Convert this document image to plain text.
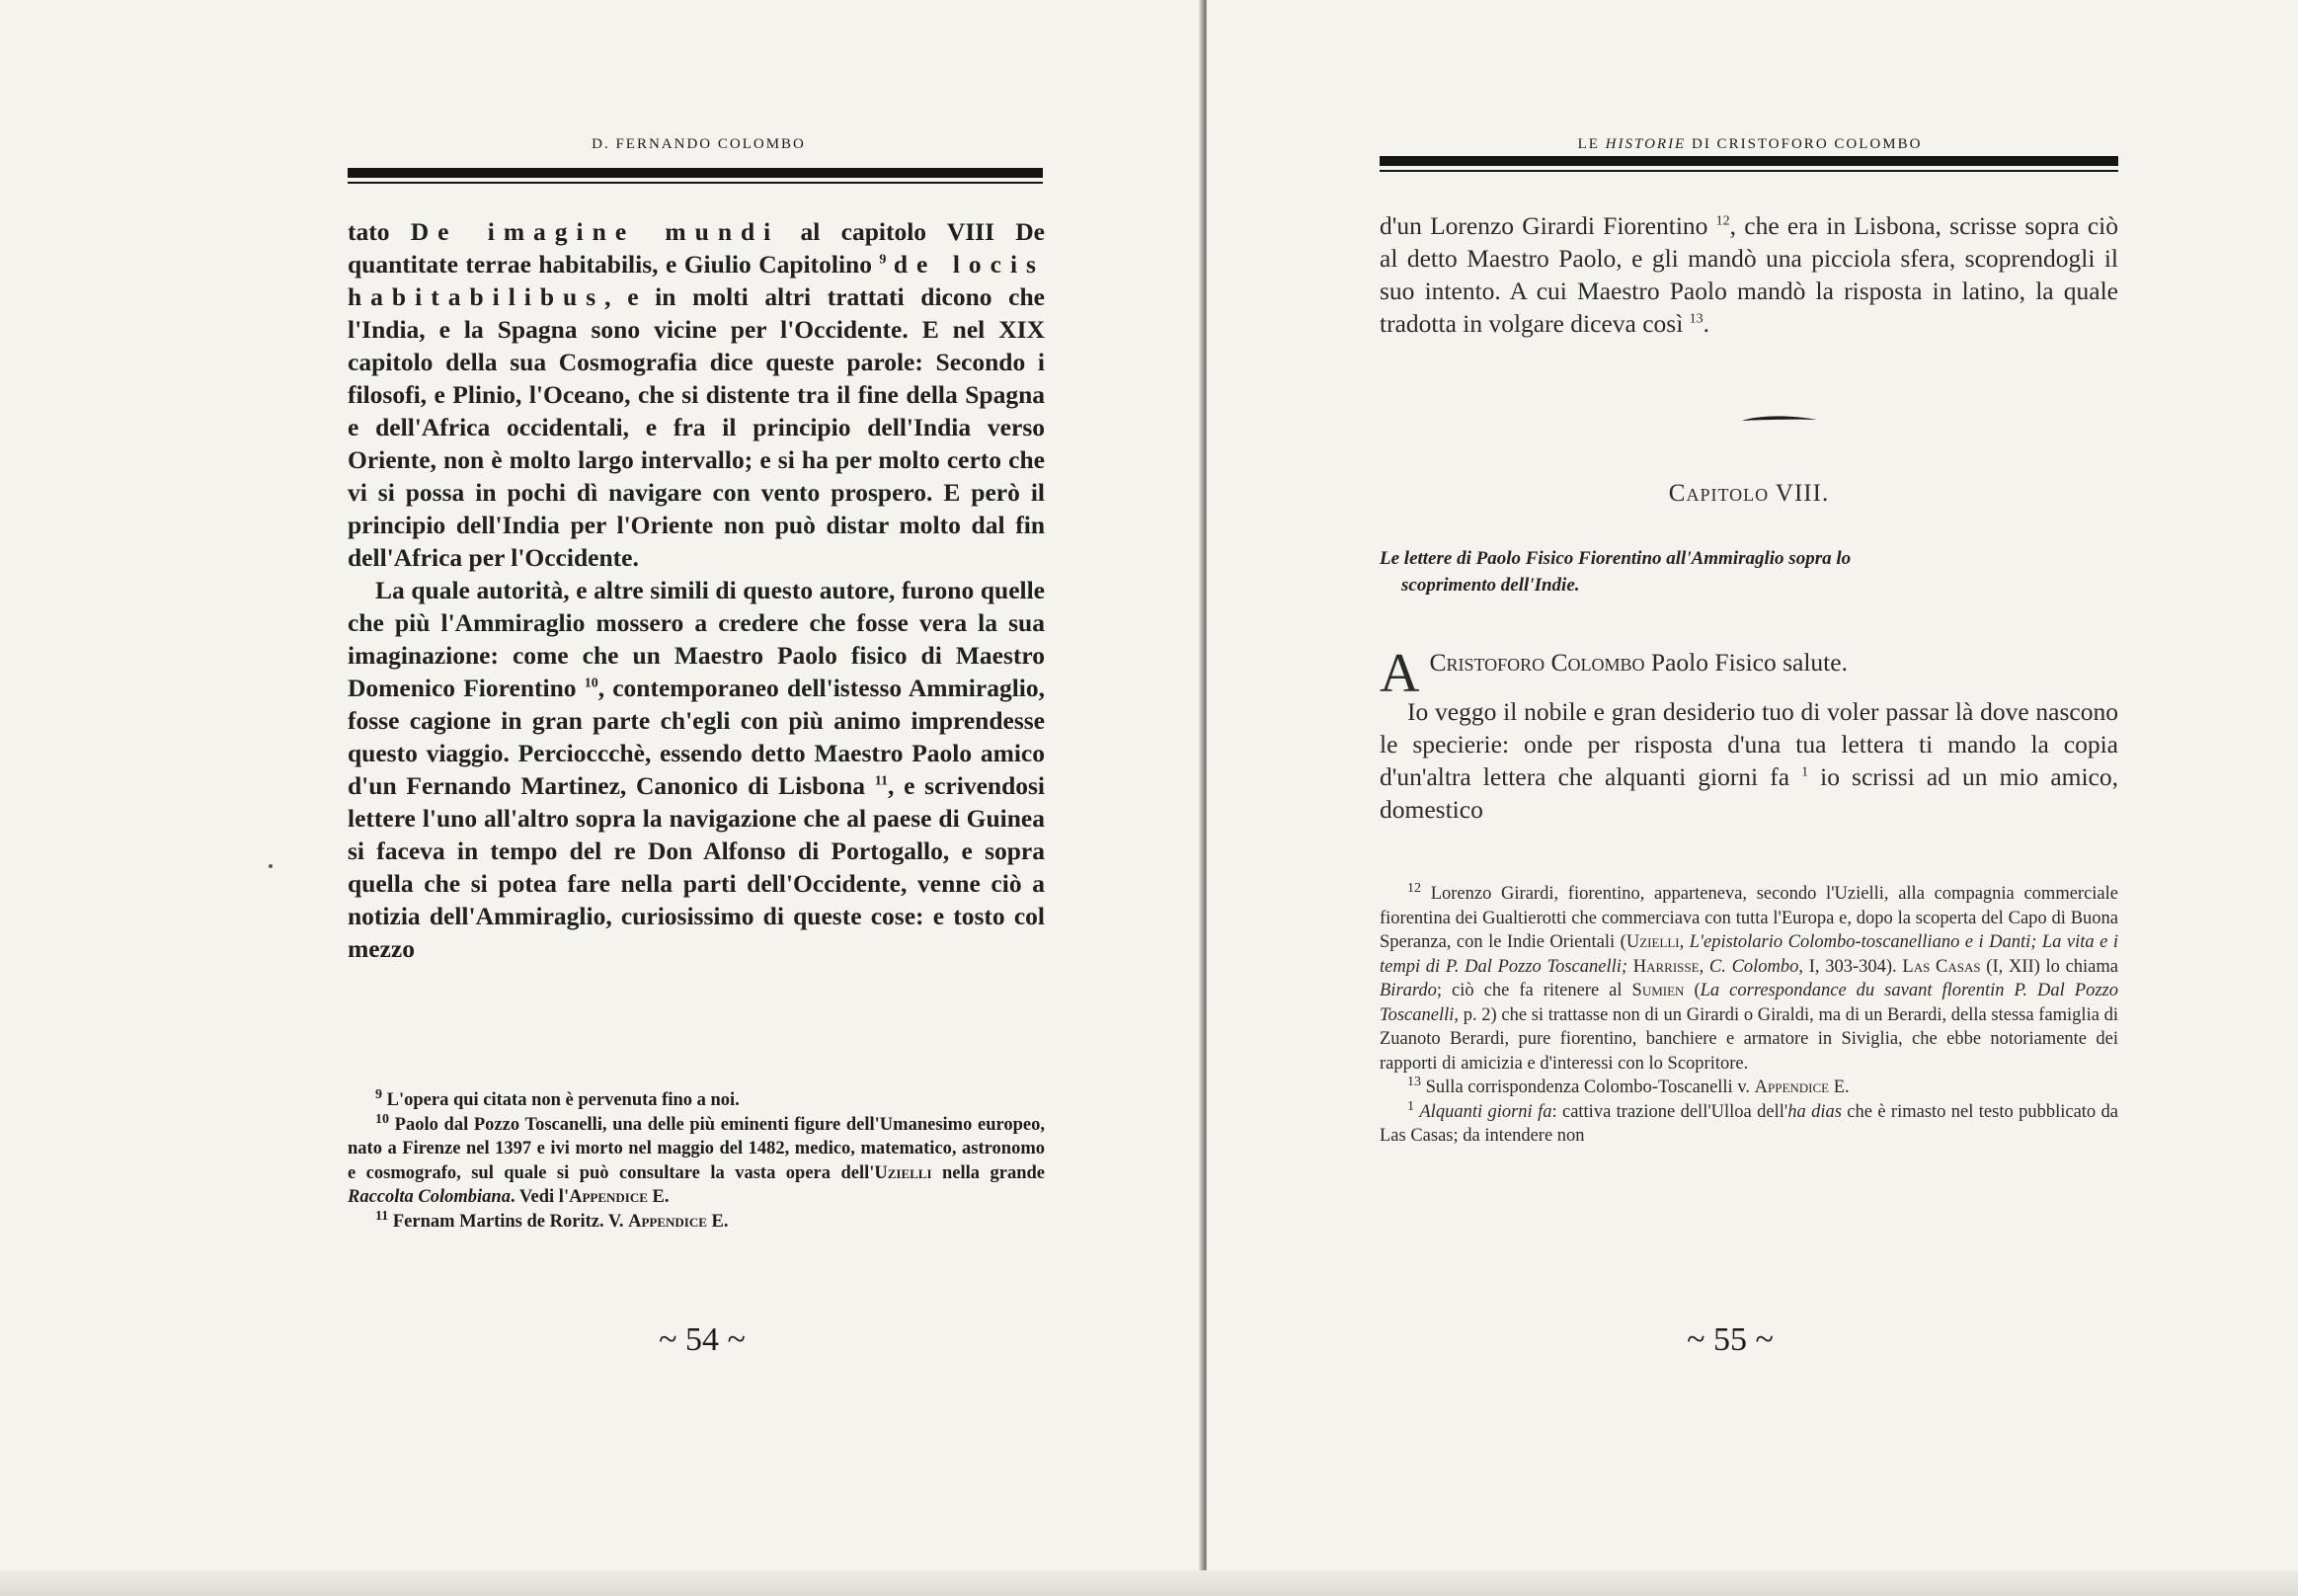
D. FERNANDO COLOMBO

tato De imagine mundi al capitolo VIII De quantitate terrae habitabilis, e Giulio Capitolino $^9$ de locis habitabilibus, e in molti altri trattati dicono che l'India, e la Spagna sono vicine per l'Occidente. E nel XIX capitolo della sua Cosmografia dice queste parole: Secondo i filosofi, e Plinio, l'Oceano, che si distente tra il fine della Spagna e dell'Africa occidentali, e fra il principio dell'India verso Oriente, non è molto largo intervallo; e si ha per molto certo che vi si possa in pochi dì navigare con vento prospero. E però il principio dell'India per l'Oriente non può distar molto dal fin dell'Africa per l'Occidente.

La quale autorità, e altre simili di questo autore, furono quelle che più l'Ammiraglio mossero a credere che fosse vera la sua imaginazione: come che un Maestro Paolo fisico di Maestro Domenico Fiorentino $^{10}$, contemporaneo dell'istesso Ammiraglio, fosse cagione in gran parte ch'egli con più animo imprendesse questo viaggio. Percioccchè, essendo detto Maestro Paolo amico d'un Fernando Martinez, Canonico di Lisbona $^{11}$, e scrivendosi lettere l'uno all'altro sopra la navigazione che al paese di Guinea si faceva in tempo del re Don Alfonso di Portogallo, e sopra quella che si potea fare nella parti dell'Occidente, venne ciò a notizia dell'Ammiraglio, curiosissimo di queste cose: e tosto col mezzo

$^9$ L'opera qui citata non è pervenuta fino a noi.

$^{10}$ Paolo dal Pozzo Toscanelli, una delle più eminenti figure dell'Umanesimo europeo, nato a Firenze nel 1397 e ivi morto nel maggio del 1482, medico, matematico, astronomo e cosmografo, sul quale si può consultare la vasta opera dell'Uzielli nella grande Raccolta Colombiana. Vedi l'Appendice E.

$^{11}$ Fernam Martins de Roritz. V. Appendice E.

~ 54 ~
LE HISTORIE DI CRISTOFORO COLOMBO

d'un Lorenzo Girardi Fiorentino $^{12}$, che era in Lisbona, scrisse sopra ciò al detto Maestro Paolo, e gli mandò una picciola sfera, scoprendogli il suo intento. A cui Maestro Paolo mandò la risposta in latino, la quale tradotta in volgare diceva così $^{13}$.

Capitolo VIII.
Le lettere di Paolo Fisico Fiorentino all'Ammiraglio sopra lo
scoprimento dell'Indie.

A Cristoforo Colombo Paolo Fisico salute.

Io veggo il nobile e gran desiderio tuo di voler passar là dove nascono le specierie: onde per risposta d'una tua lettera ti mando la copia d'un'altra lettera che alquanti giorni fa $^1$ io scrissi ad un mio amico, domestico

$^{12}$ Lorenzo Girardi, fiorentino, apparteneva, secondo l'Uzielli, alla compagnia commerciale fiorentina dei Gualtierotti che commerciava con tutta l'Europa e, dopo la scoperta del Capo di Buona Speranza, con le Indie Orientali (Uzielli, L'epistolario Colombo-toscanelliano e i Danti; La vita e i tempi di P. Dal Pozzo Toscanelli; Harrisse, C. Colombo, I, 303-304). Las Casas (I, XII) lo chiama Birardo; ciò che fa ritenere al Sumien (La correspondance du savant florentin P. Dal Pozzo Toscanelli, p. 2) che si trattasse non di un Girardi o Giraldi, ma di un Berardi, della stessa famiglia di Zuanoto Berardi, pure fiorentino, banchiere e armatore in Siviglia, che ebbe notoriamente dei rapporti di amicizia e d'interessi con lo Scopritore.

$^{13}$ Sulla corrispondenza Colombo-Toscanelli v. Appendice E.

$^1$ Alquanti giorni fa: cattiva trazione dell'Ulloa dell'ha dias che è rimasto nel testo pubblicato da Las Casas; da intendere non

~ 55 ~
